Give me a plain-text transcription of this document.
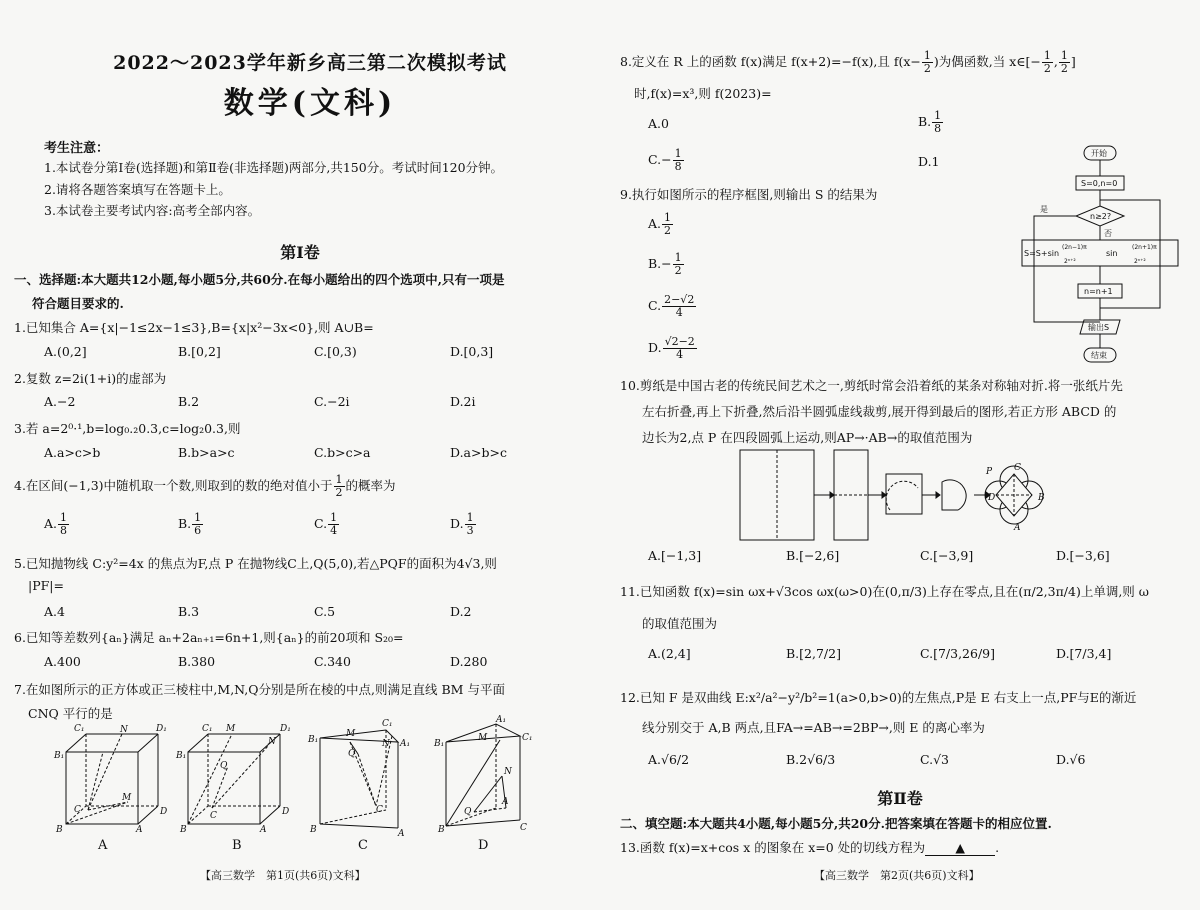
2022～2023学年新乡高三第二次模拟考试
数学(文科)
考生注意：
1.本试卷分第Ⅰ卷(选择题)和第Ⅱ卷(非选择题)两部分,共150分。考试时间120分钟。
2.请将各题答案填写在答题卡上。
3.本试卷主要考试内容:高考全部内容。
第Ⅰ卷
一、选择题:本大题共12小题,每小题5分,共60分.在每小题给出的四个选项中,只有一项是
符合题目要求的.
1.已知集合 A={x|−1≤2x−1≤3},B={x|x²−3x<0},则 A∪B=
A.(0,2]	B.[0,2]	C.[0,3)	D.[0,3]
2.复数 z=2i(1+i)的虚部为
A.−2	B.2	C.−2i	D.2i
3.若 a=2⁰·¹,b=log₀.₂0.3,c=log₂0.3,则
A.a>c>b	B.b>a>c	C.b>c>a	D.a>b>c
4.在区间(−1,3)中随机取一个数,则取到的数的绝对值小于 $\frac{1}{2}$ 的概率为
A. $\frac{1}{8}$	B. $\frac{1}{6}$	C. $\frac{1}{4}$	D. $\frac{1}{3}$
5.已知抛物线 C:y²=4x 的焦点为F,点 P 在抛物线C上,Q(5,0),若△PQF的面积为4√3,则
|PF|=
A.4	B.3	C.5	D.2
6.已知等差数列{aₙ}满足 aₙ+2aₙ₊₁=6n+1,则{aₙ}的前20项和 S₂₀=
A.400	B.380	C.340	D.280
7.在如图所示的正方体或正三棱柱中,M,N,Q分别是所在棱的中点,则满足直线 BM 与平面
CNQ 平行的是
B₁
C₁	N	D₁
C
M
D
B	A
B₁
C₁ M	D₁
Q
N
C	D
B	A
B₁
M
C₁
A₁
Q
N
C
B	A
B₁
M
A₁
C₁
N
Q
A
B	C
A	B	C	D
【高三数学　第1页(共6页)文科】
8.定义在 R 上的函数 f(x)满足 f(x+2)=−f(x),且 $f(x- \frac{1}{2}$ )为偶函数,当 x∈[− $\frac{1}{2}$ , $\frac{1}{2}$ ]
时,f(x)=x³,则 f(2023)=
A.0	B. $\frac{1}{8}$
$C.- \frac{1}{8}$	D.1
9.执行如图所示的程序框图,则输出 S 的结果为
A. $\frac{1}{2}$
$B.- \frac{1}{2}$
C. $\frac{2-√2}{4}$
D. $\frac{√2-2}{4}$
开始
S=0,n=0
n≥2?
是
否
S=S+sin
(2n−1)π
2ⁿ⁺²
sin
(2n+1)π
2ⁿ⁺²
n=n+1
输出S
结束
10.剪纸是中国古老的传统民间艺术之一,剪纸时常会沿着纸的某条对称轴对折.将一张纸片先
左右折叠,再上下折叠,然后沿半圆弧虚线裁剪,展开得到最后的图形,若正方形 ABCD 的
边长为2,点 P 在四段圆弧上运动,则AP→·AB→的取值范围为
P C
D	B
A
A.[−1,3]	B.[−2,6]	C.[−3,9]	D.[−3,6]
11.已知函数 f(x)=sin ωx+√3cos ωx(ω>0)在(0,π/3)上存在零点,且在(π/2,3π/4)上单调,则 ω
的取值范围为
A.(2,4]	B.[2,7/2]	C.[7/3,26/9]	D.[7/3,4]
12.已知 F 是双曲线 E:x²/a²−y²/b²=1(a>0,b>0)的左焦点,P是 E 右支上一点,PF与E的渐近
线分别交于 A,B 两点,且FA→=AB→=2BP→,则 E 的离心率为
A.√6/2	B.2√6/3	C.√3	D.√6
第Ⅱ卷
二、填空题:本大题共4小题,每小题5分,共20分.把答案填在答题卡的相应位置.
13.函数 f(x)=x+cos x 的图象在 x=0 处的切线方程为 ▲ .
【高三数学　第2页(共6页)文科】
